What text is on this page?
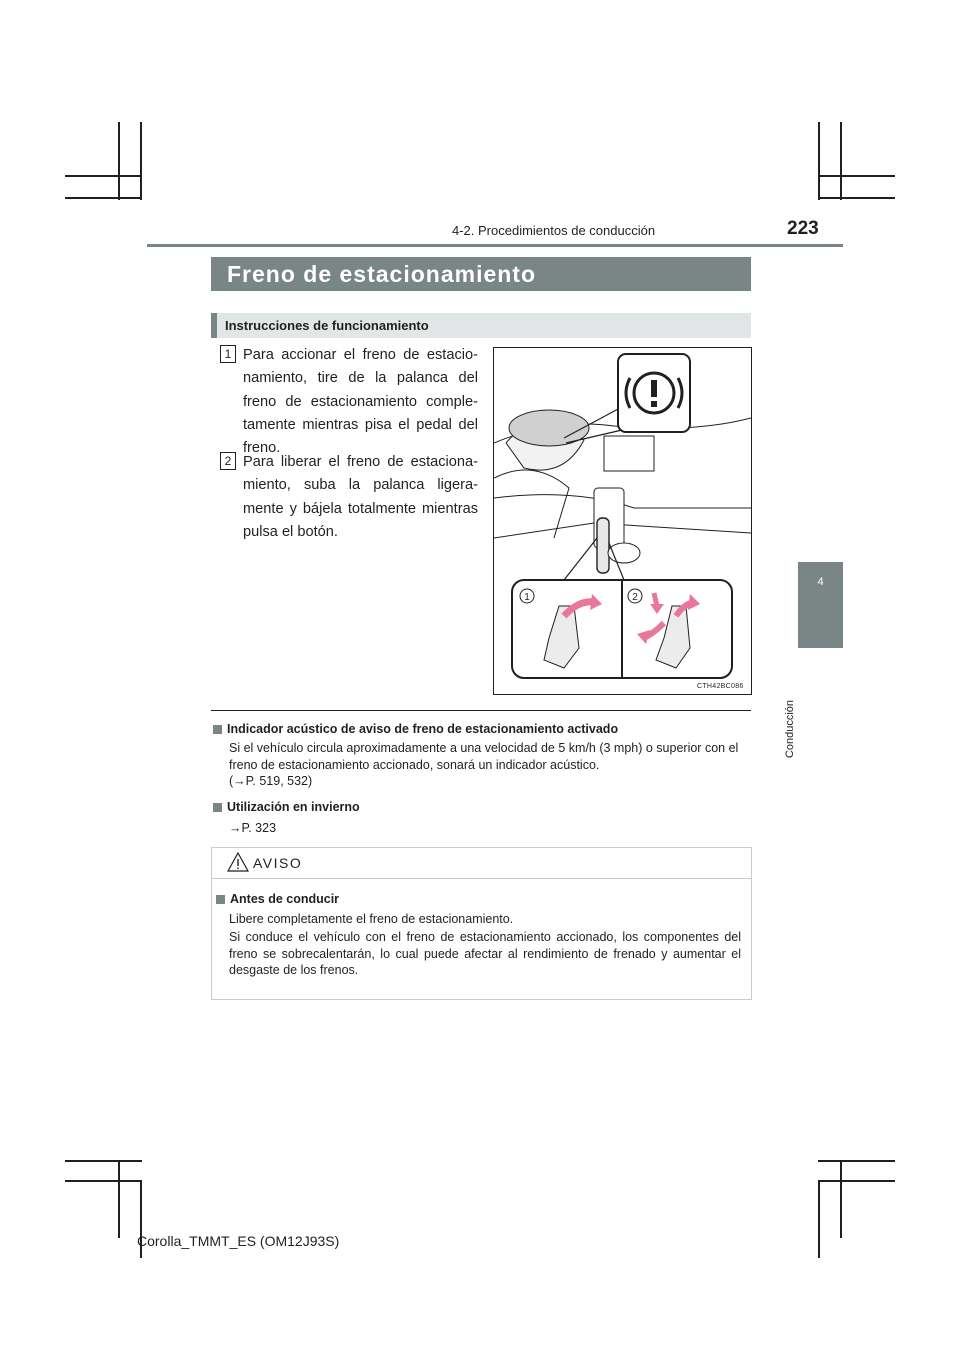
4-2. Procedimientos de conducción	223
4
Conducción
Freno de estacionamiento
Instrucciones de funcionamiento
1 Para accionar el freno de estacio-namiento, tire de la palanca del freno de estacionamiento comple-tamente mientras pisa el pedal del freno.
2 Para liberar el freno de estaciona-miento, suba la palanca ligera-mente y bájela totalmente mientras pulsa el botón.
1	2
CTH42BC086
Indicador acústico de aviso de freno de estacionamiento activado
Si el vehículo circula aproximadamente a una velocidad de 5 km/h (3 mph) o superior con el freno de estacionamiento accionado, sonará un indicador acústico.
(→P. 519, 532)
Utilización en invierno
→P. 323
AVISO
Antes de conducir
Libere completamente el freno de estacionamiento.
Si conduce el vehículo con el freno de estacionamiento accionado, los componentes del freno se sobrecalentarán, lo cual puede afectar al rendimiento de frenado y aumentar el desgaste de los frenos.
Corolla_TMMT_ES (OM12J93S)
